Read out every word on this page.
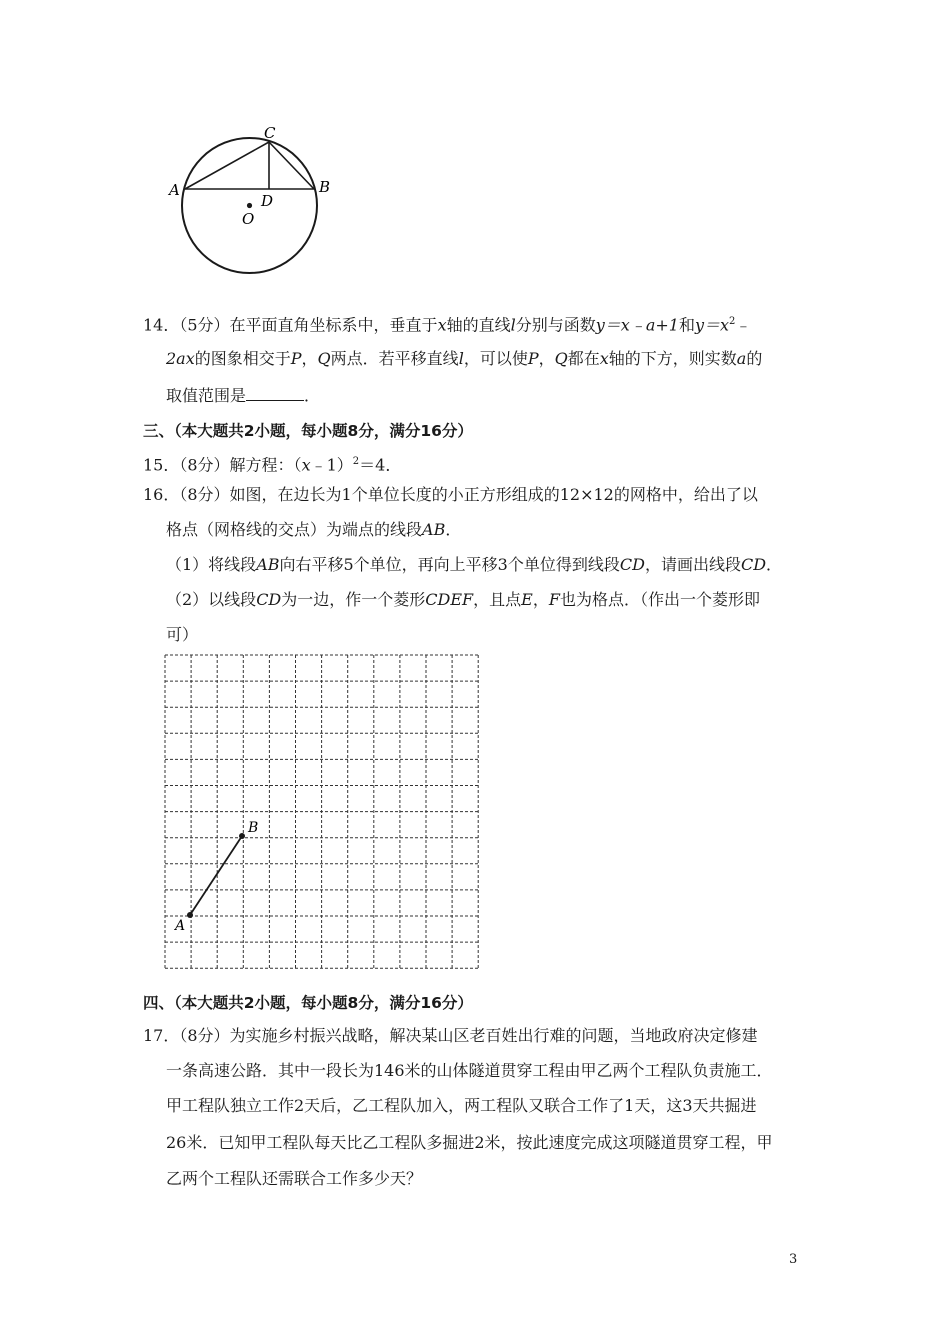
A	B
C
D
O
14．（5分）在平面直角坐标系中，垂直于x轴的直线l分别与函数y＝x﹣a+1和$y=x^2﹣$
2ax的图象相交于P，Q两点．若平移直线l，可以使P，Q都在x轴的下方，则实数a的
取值范围是	．
三、（本大题共2小题，每小题8分，满分16分）
15．（8分）解方程：（x﹣1）$^2$＝4．
16．（8分）如图，在边长为1个单位长度的小正方形组成的12×12的网格中，给出了以
格点（网格线的交点）为端点的线段AB．
（1）将线段AB向右平移5个单位，再向上平移3个单位得到线段CD，请画出线段CD．
（2）以线段CD为一边，作一个菱形CDEF，且点E，F也为格点．（作出一个菱形即
可）
A
B
四、（本大题共2小题，每小题8分，满分16分）
17．（8分）为实施乡村振兴战略，解决某山区老百姓出行难的问题，当地政府决定修建
一条高速公路．其中一段长为146米的山体隧道贯穿工程由甲乙两个工程队负责施工．
甲工程队独立工作2天后，乙工程队加入，两工程队又联合工作了1天，这3天共掘进
26米．已知甲工程队每天比乙工程队多掘进2米，按此速度完成这项隧道贯穿工程，甲
乙两个工程队还需联合工作多少天？
3
